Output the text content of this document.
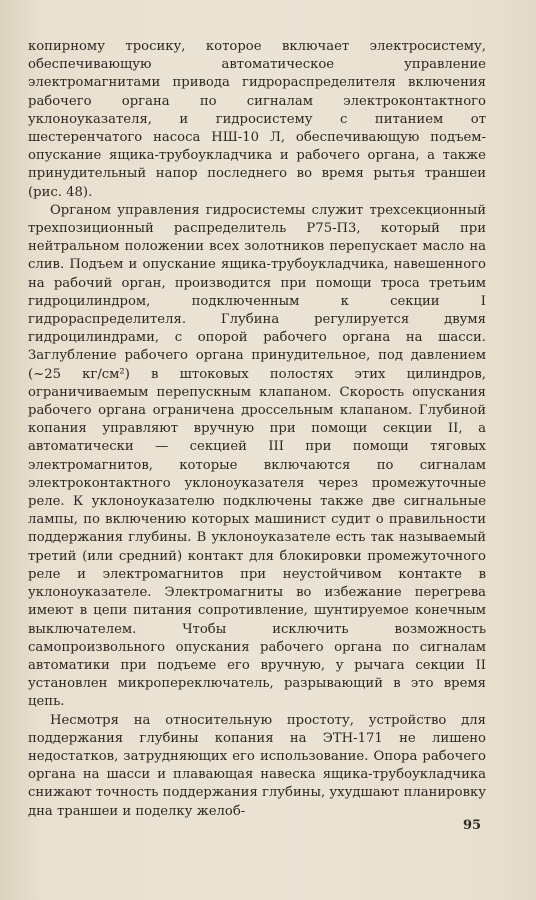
копирному тросику, которое включает электросистему, обеспечивающую автоматическое управление электромагнитами привода гидрораспределителя включения рабочего органа по сигналам электроконтактного уклоноуказателя, и гидросистему с питанием от шестеренчатого насоса НШ-10 Л, обеспечивающую подъем-опускание ящика-трубоукладчика и рабочего органа, а также принудительный напор последнего во время рытья траншеи (рис. 48).

Органом управления гидросистемы служит трехсекционный трехпозиционный распределитель Р75-П3, который при нейтральном положении всех золотников перепускает масло на слив. Подъем и опускание ящика-трубоукладчика, навешенного на рабочий орган, производится при помощи троса третьим гидроцилиндром, подключенным к секции I гидрораспределителя. Глубина регулируется двумя гидроцилиндрами, с опорой рабочего органа на шасси. Заглубление рабочего органа принудительное, под давлением (~25 кг/см²) в штоковых полостях этих цилиндров, ограничиваемым перепускным клапаном. Скорость опускания рабочего органа ограничена дроссельным клапаном. Глубиной копания управляют вручную при помощи секции II, а автоматически — секцией III при помощи тяговых электромагнитов, которые включаются по сигналам электроконтактного уклоноуказателя через промежуточные реле. К уклоноуказателю подключены также две сигнальные лампы, по включению которых машинист судит о правильности поддержания глубины. В уклоноуказателе есть так называемый третий (или средний) контакт для блокировки промежуточного реле и электромагнитов при неустойчивом контакте в уклоноуказателе. Электромагниты во избежание перегрева имеют в цепи питания сопротивление, шунтируемое конечным выключателем. Чтобы исключить возможность самопроизвольного опускания рабочего органа по сигналам автоматики при подъеме его вручную, у рычага секции II установлен микропереключатель, разрывающий в это время цепь.

Несмотря на относительную простоту, устройство для поддержания глубины копания на ЭТН-171 не лишено недостатков, затрудняющих его использование. Опора рабочего органа на шасси и плавающая навеска ящика-трубоукладчика снижают точность поддержания глубины, ухудшают планировку дна траншеи и поделку желоб-

95
